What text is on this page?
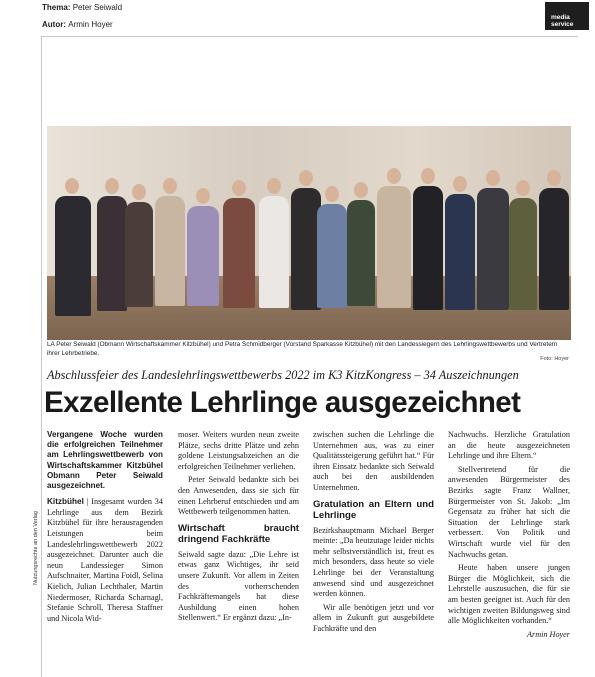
Thema: Peter Seiwald
Autor: Armin Hoyer
media
service
LA Peter Seiwald (Obmann Wirtschaftskammer Kitzbühel) und Petra Schmidberger (Vorstand Sparkasse Kitzbühel) mit den Landessiegern des Lehrlingswettbewerbs und Vertretern ihrer Lehrbetriebe.
Foto: Hoyer
Abschlussfeier des Landeslehrlingswettbewerbs 2022 im K3 KitzKongress – 34 Auszeichnungen
Exzellente Lehrlinge ausgezeichnet

Vergangene Woche wurden die erfolgreichen Teilnehmer am Lehrlingswettbewerb von Wirtschaftskammer Kitzbühel Obmann Peter Seiwald ausgezeichnet.

Kitzbühel | Insgesamt wurden 34 Lehrlinge aus dem Bezirk Kitzbühel für ihre herausragenden Leistungen beim Landeslehrlingswettbewerb 2022 ausgezeichnet. Darunter auch die neun Landessieger Simon Aufschnaiter, Martina Foidl, Selina Kielich, Julian Lechthaler, Martin Niedermoser, Richarda Scharnagl, Stefanie Schroll, Theresa Staffner und Nicola Wid-

moser. Weiters wurden neun zweite Plätze, sechs dritte Plätze und zehn goldene Leistungsabzeichen an die erfolgreichen Teilnehmer verliehen.

Peter Seiwald bedankte sich bei den Anwesenden, dass sie sich für einen Lehrberuf entschieden und am Wettbewerb teilgenommen hatten.

Wirtschaft braucht dringend Fachkräfte

Seiwald sagte dazu: „Die Lehre ist etwas ganz Wichtiges, ihr seid unsere Zukunft. Vor allem in Zeiten des vorherrschenden Fachkräftemangels hat diese Ausbildung einen hohen Stellenwert.“ Er ergänzt dazu: „In-

zwischen suchen die Lehrlinge die Unternehmen aus, was zu einer Qualitätssteigerung geführt hat.“ Für ihren Einsatz bedankte sich Seiwald auch bei den ausbildenden Unternehmen.

Gratulation an Eltern und Lehrlinge

Bezirkshauptmann Michael Berger meinte: „Da heutzutage leider nichts mehr selbstverständlich ist, freut es mich besonders, dass heute so viele Lehrlinge bei der Veranstaltung anwesend sind und ausgezeichnet werden können.

Wir alle benötigen jetzt und vor allem in Zukunft gut ausgebildete Fachkräfte und den

Nachwuchs. Herzliche Gratulation an die heute ausgezeichneten Lehrlinge und ihre Eltern.“

Stellvertretend für die anwesenden Bürgermeister des Bezirks sagte Franz Wallner, Bürgermeister von St. Jakob: „Im Gegensatz zu früher hat sich die Situation der Lehrlinge stark verbessert. Von Politik und Wirtschaft wurde viel für den Nachwuchs getan.

Heute haben unsere jungen Bürger die Möglichkeit, sich die Lehrstelle auszusuchen, die für sie am besten geeignet ist. Auch für den wichtigen zweiten Bildungsweg sind alle Möglichkeiten vorhanden.“

Armin Hoyer

Nutzungsrechte an den Verlag
